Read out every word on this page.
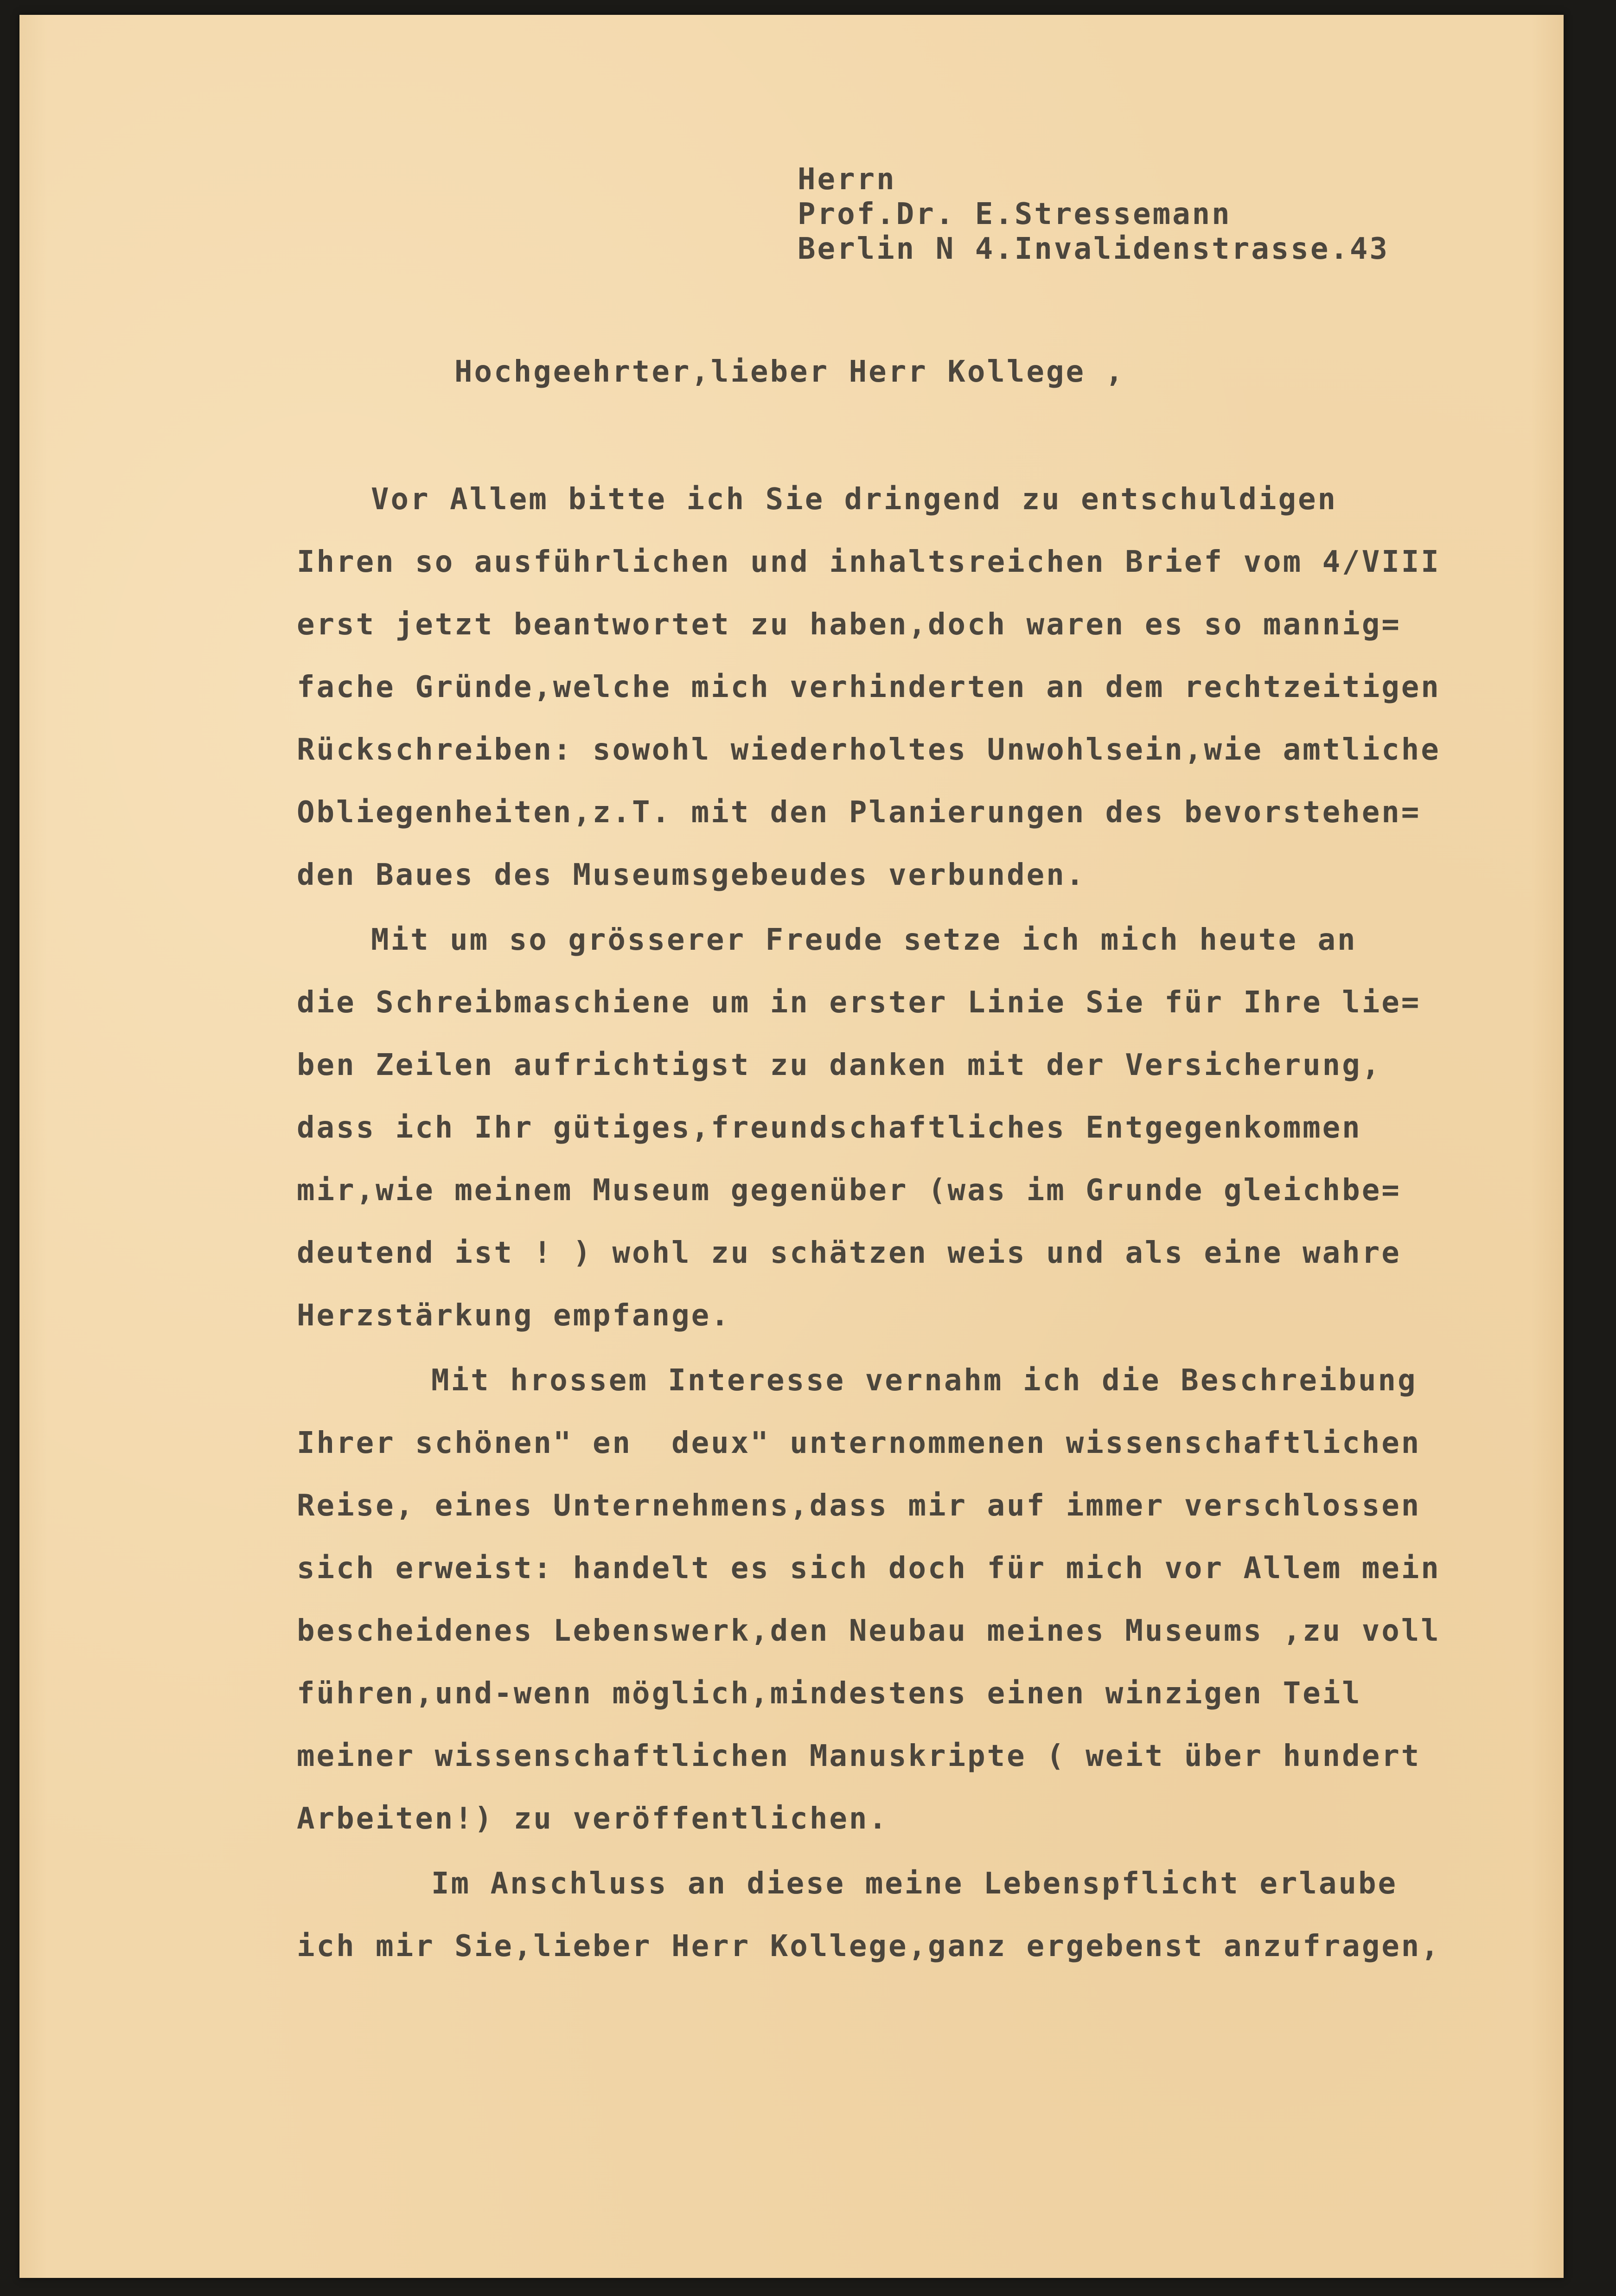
Herrn
Prof.Dr. E.Stressemann
Berlin N 4.Invalidenstrasse.43
Hochgeehrter,lieber Herr Kollege ,
Vor Allem bitte ich Sie dringend zu entschuldigen
Ihren so ausführlichen und inhaltsreichen Brief vom 4/VIII
erst jetzt beantwortet zu haben,doch waren es so mannig=
fache Gründe,welche mich verhinderten an dem rechtzeitigen
Rückschreiben: sowohl wiederholtes Unwohlsein,wie amtliche
Obliegenheiten,z.T. mit den Planierungen des bevorstehen=
den Baues des Museumsgebeudes verbunden.
Mit um so grösserer Freude setze ich mich heute an
die Schreibmaschiene um in erster Linie Sie für Ihre lie=
ben Zeilen aufrichtigst zu danken mit der Versicherung,
dass ich Ihr gütiges,freundschaftliches Entgegenkommen
mir,wie meinem Museum gegenüber (was im Grunde gleichbe=
deutend ist ! ) wohl zu schätzen weis und als eine wahre
Herzstärkung empfange.
Mit hrossem Interesse vernahm ich die Beschreibung
Ihrer schönen" en  deux" unternommenen wissenschaftlichen
Reise, eines Unternehmens,dass mir auf immer verschlossen
sich erweist: handelt es sich doch für mich vor Allem mein
bescheidenes Lebenswerk,den Neubau meines Museums ,zu voll
führen,und-wenn möglich,mindestens einen winzigen Teil
meiner wissenschaftlichen Manuskripte ( weit über hundert
Arbeiten!) zu veröffentlichen.
Im Anschluss an diese meine Lebenspflicht erlaube
ich mir Sie,lieber Herr Kollege,ganz ergebenst anzufragen,
